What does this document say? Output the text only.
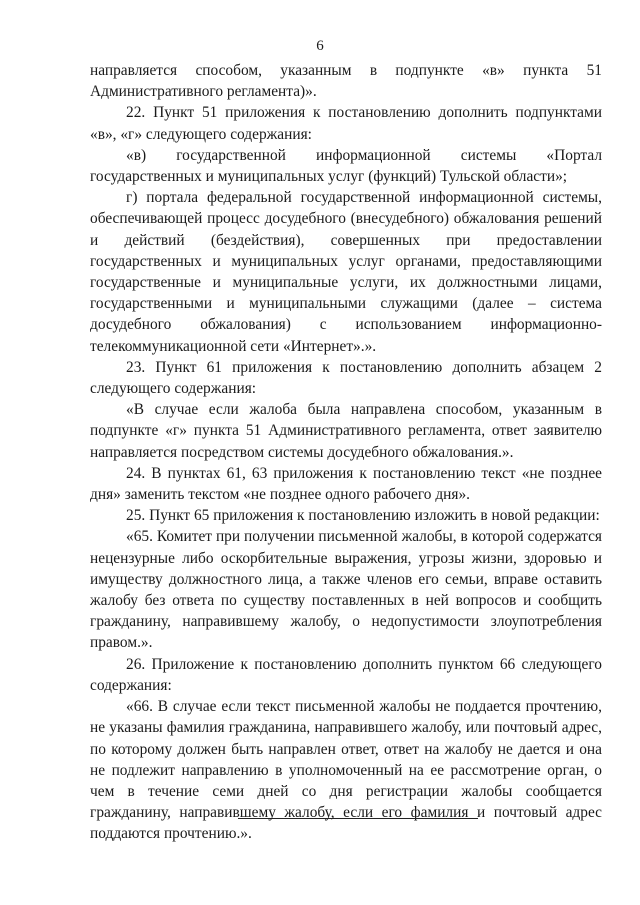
6

направляется способом, указанным в подпункте «в» пункта 51 Административного регламента)».

22. Пункт 51 приложения к постановлению дополнить подпунктами «в», «г» следующего содержания:

«в) государственной информационной системы «Портал государственных и муниципальных услуг (функций) Тульской области»;

г) портала федеральной государственной информационной системы, обеспечивающей процесс досудебного (внесудебного) обжалования решений и действий (бездействия), совершенных при предоставлении государственных и муниципальных услуг органами, предоставляющими государственные и муниципальные услуги, их должностными лицами, государственными и муниципальными служащими (далее – система досудебного обжалования) с использованием информационно-телекоммуникационной сети «Интернет».».

23. Пункт 61 приложения к постановлению дополнить абзацем 2 следующего содержания:

«В случае если жалоба была направлена способом, указанным в подпункте «г» пункта 51 Административного регламента, ответ заявителю направляется посредством системы досудебного обжалования.».

24. В пунктах 61, 63 приложения к постановлению текст «не позднее дня» заменить текстом «не позднее одного рабочего дня».

25. Пункт 65 приложения к постановлению изложить в новой редакции:

«65. Комитет при получении письменной жалобы, в которой содержатся нецензурные либо оскорбительные выражения, угрозы жизни, здоровью и имуществу должностного лица, а также членов его семьи, вправе оставить жалобу без ответа по существу поставленных в ней вопросов и сообщить гражданину, направившему жалобу, о недопустимости злоупотребления правом.».

26. Приложение к постановлению дополнить пунктом 66 следующего содержания:

«66. В случае если текст письменной жалобы не поддается прочтению, не указаны фамилия гражданина, направившего жалобу, или почтовый адрес, по которому должен быть направлен ответ, ответ на жалобу не дается и она не подлежит направлению в уполномоченный на ее рассмотрение орган, о чем в течение семи дней со дня регистрации жалобы сообщается гражданину, направившему жалобу, если его фамилия и почтовый адрес поддаются прочтению.».
